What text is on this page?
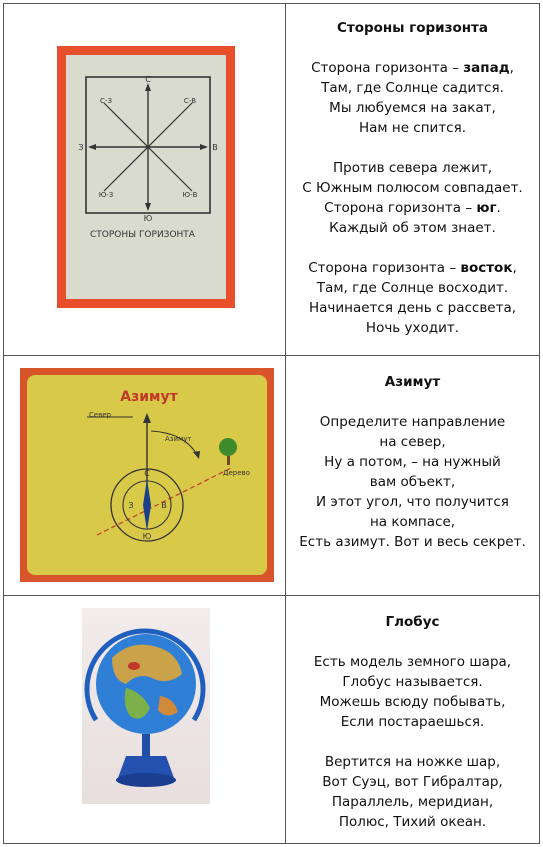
С
Ю
З	В
С-З	С-В
Ю-З	Ю-В
СТОРОНЫ ГОРИЗОНТА
Стороны горизонта
Сторона горизонта – запад,
Там, где Солнце садится.
Мы любуемся на закат,
Нам не спится.
Против севера лежит,
С Южным полюсом совпадает.
Сторона горизонта – юг.
Каждый об этом знает.
Сторона горизонта – восток,
Там, где Солнце восходит.
Начинается день с рассвета,
Ночь уходит.
Азимут
Север
Азимут
С
Ю
З	В
Дерево
Азимут
Определите направление
на север,
Ну а потом, – на нужный
вам объект,
И этот угол, что получится
на компасе,
Есть азимут. Вот и весь секрет.
Глобус
Есть модель земного шара,
Глобус называется.
Можешь всюду побывать,
Если постараешься.
Вертится на ножке шар,
Вот Суэц, вот Гибралтар,
Параллель, меридиан,
Полюс, Тихий океан.
